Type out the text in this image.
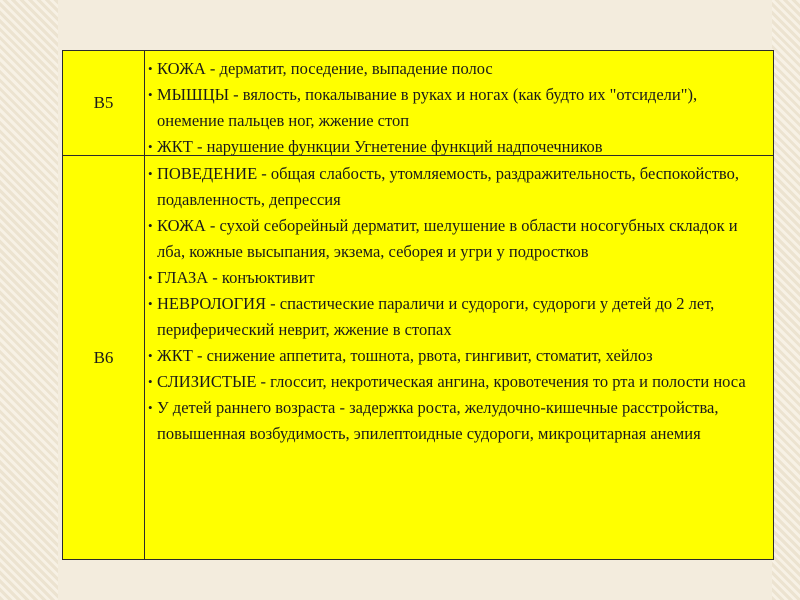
B5
• КОЖА - дерматит, поседение, выпадение полос
• МЫШЦЫ - вялость, покалывание в руках и ногах (как будто их "отсидели"), онемение пальцев ног, жжение стоп
• ЖКТ - нарушение функции Угнетение функций надпочечников
B6
• ПОВЕДЕНИЕ - общая слабость, утомляемость, раздражительность, беспокойство, подавленность, депрессия
• КОЖА - сухой себорейный дерматит, шелушение в области носогубных складок и лба, кожные высыпания, экзема, себорея и угри у подростков
• ГЛАЗА - конъюктивит
• НЕВРОЛОГИЯ - спастические параличи и судороги, судороги у детей до 2 лет, периферический неврит, жжение в стопах
• ЖКТ - снижение аппетита, тошнота, рвота, гингивит, стоматит, хейлоз
• СЛИЗИСТЫЕ - глоссит, некротическая ангина, кровотечения то рта и полости носа
• У детей раннего возраста - задержка роста, желудочно-кишечные расстройства, повышенная возбудимость, эпилептоидные судороги, микроцитарная анемия
